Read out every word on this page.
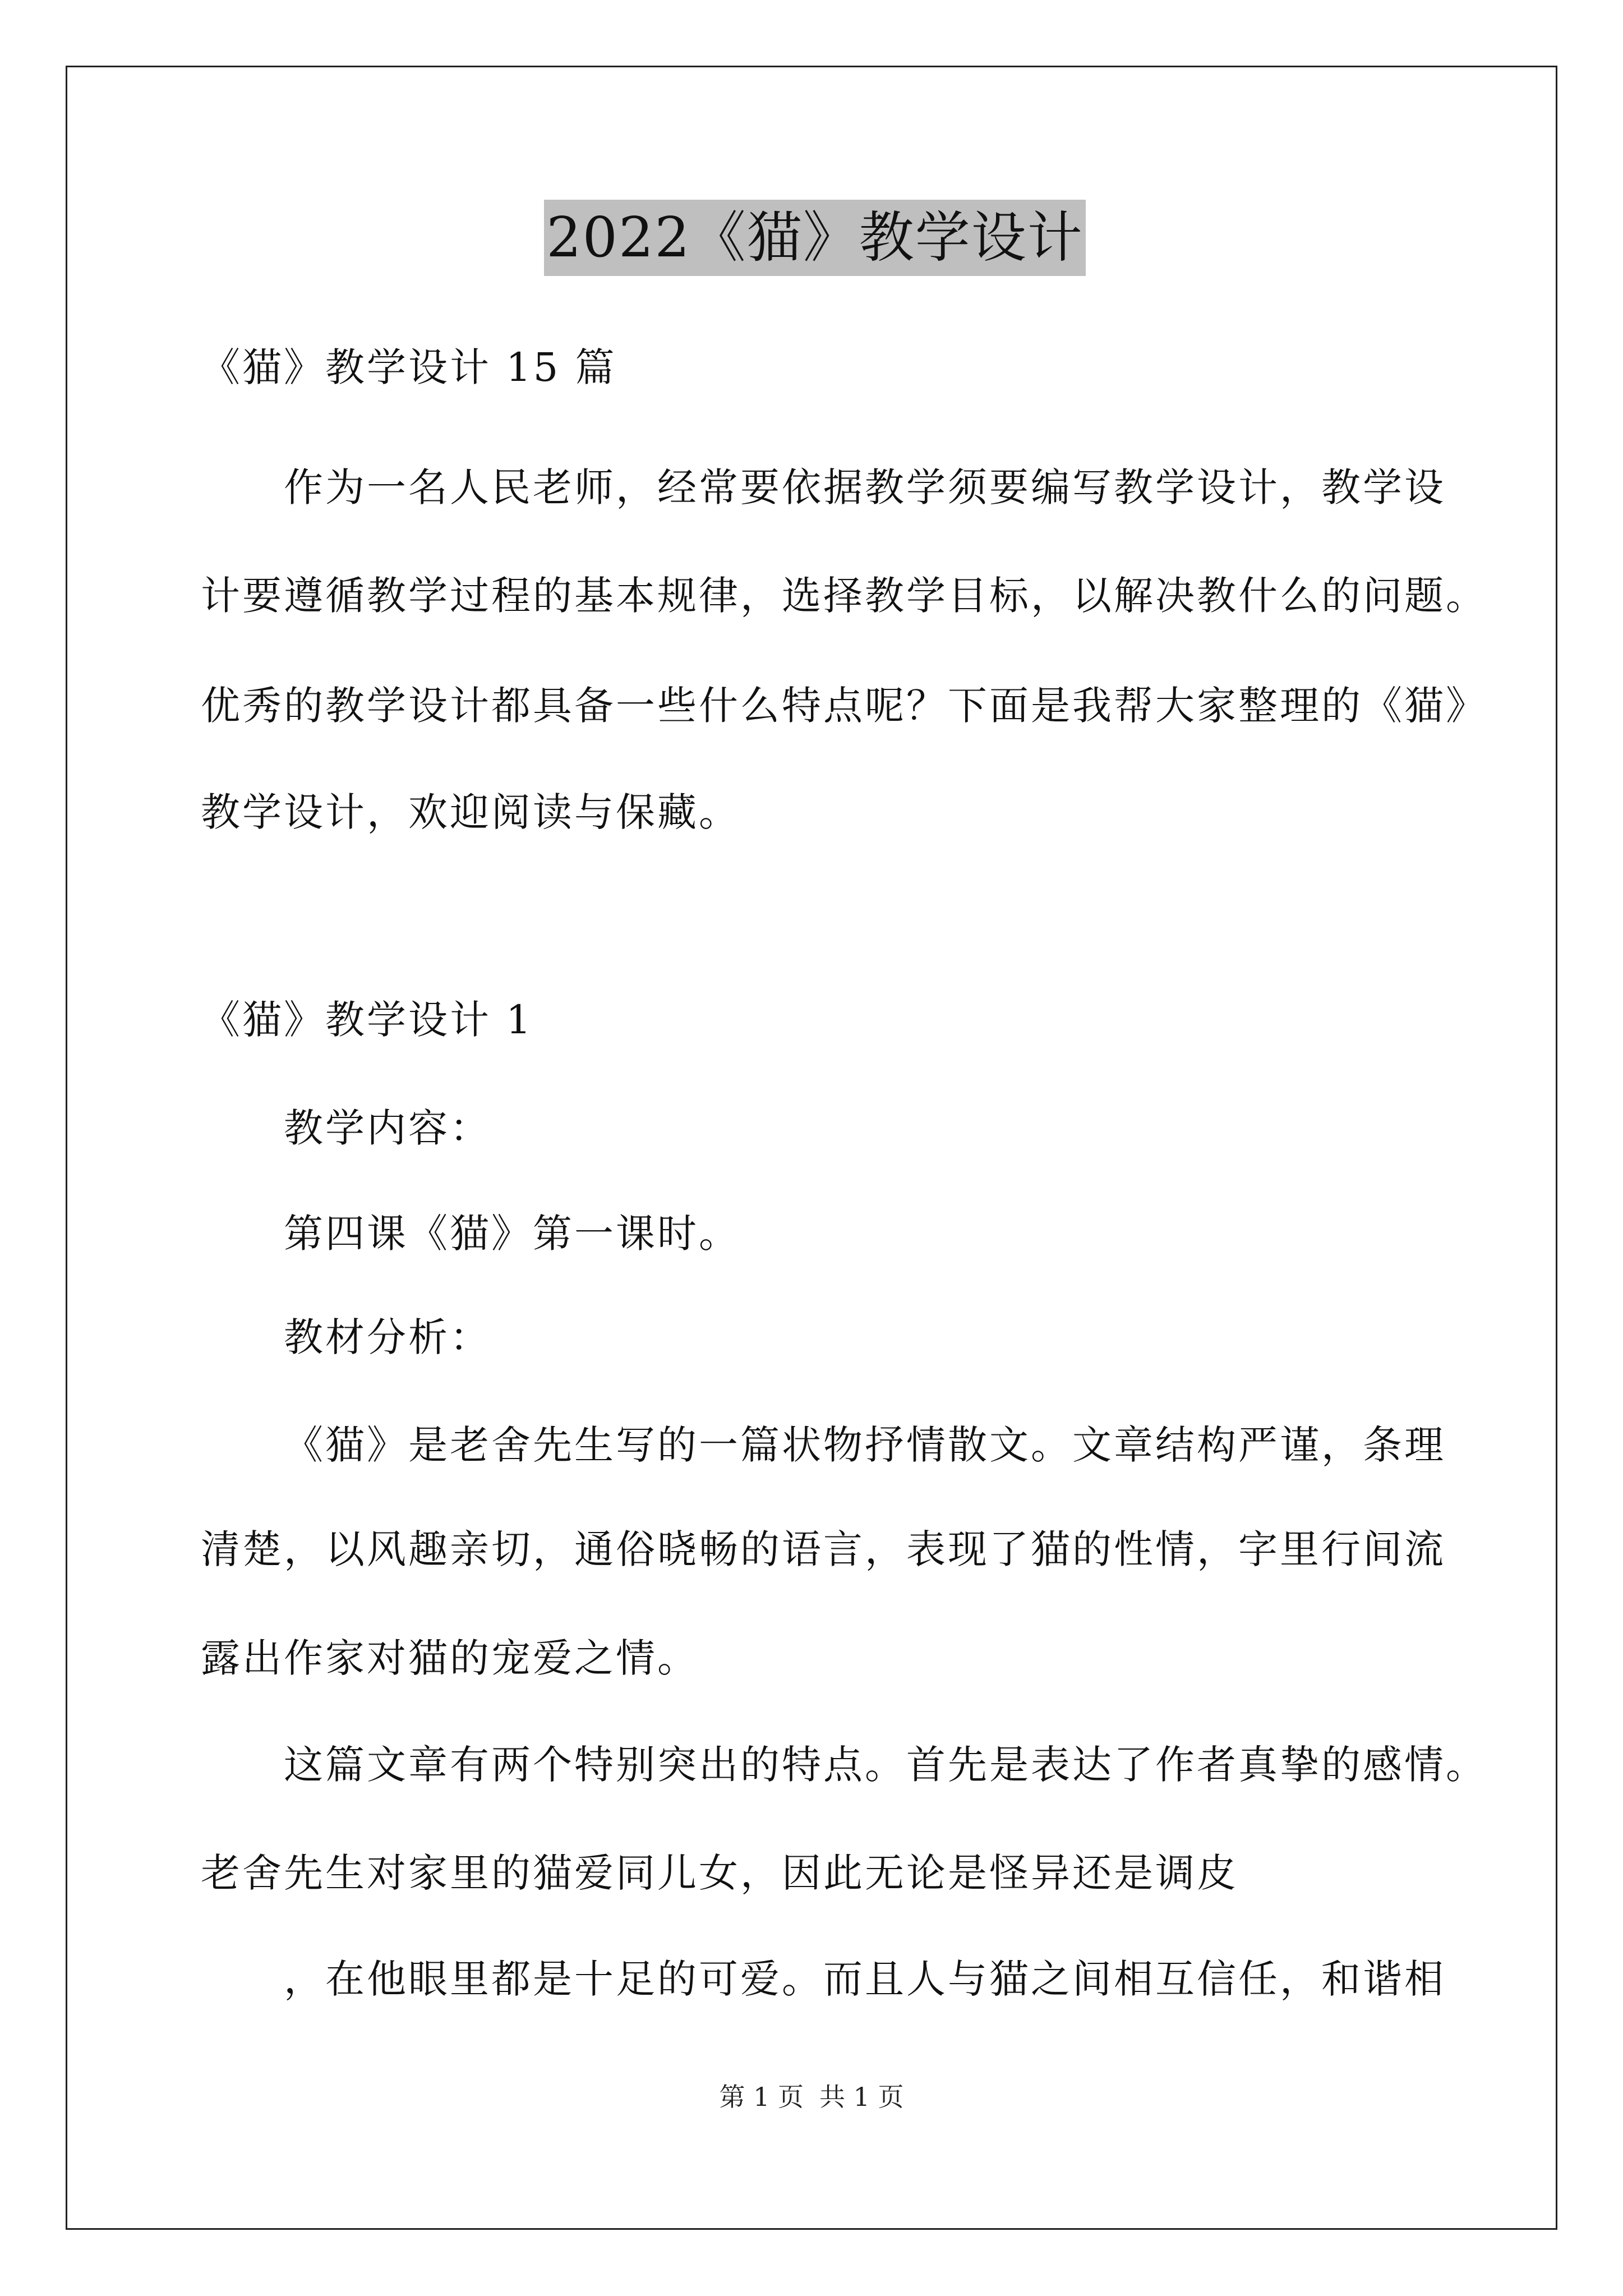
2022《猫》教学设计
《猫》教学设计 15 篇
作为一名人民老师，经常要依据教学须要编写教学设计，教学设
计要遵循教学过程的基本规律，选择教学目标，以解决教什么的问题。
优秀的教学设计都具备一些什么特点呢？下面是我帮大家整理的《猫》
教学设计，欢迎阅读与保藏。
《猫》教学设计 1
教学内容：
第四课《猫》第一课时。
教材分析：
《猫》是老舍先生写的一篇状物抒情散文。文章结构严谨，条理
清楚，以风趣亲切，通俗晓畅的语言，表现了猫的性情，字里行间流
露出作家对猫的宠爱之情。
这篇文章有两个特别突出的特点。首先是表达了作者真挚的感情。
老舍先生对家里的猫爱同儿女，因此无论是怪异还是调皮
，在他眼里都是十足的可爱。而且人与猫之间相互信任，和谐相
第 1 页 共 1 页
